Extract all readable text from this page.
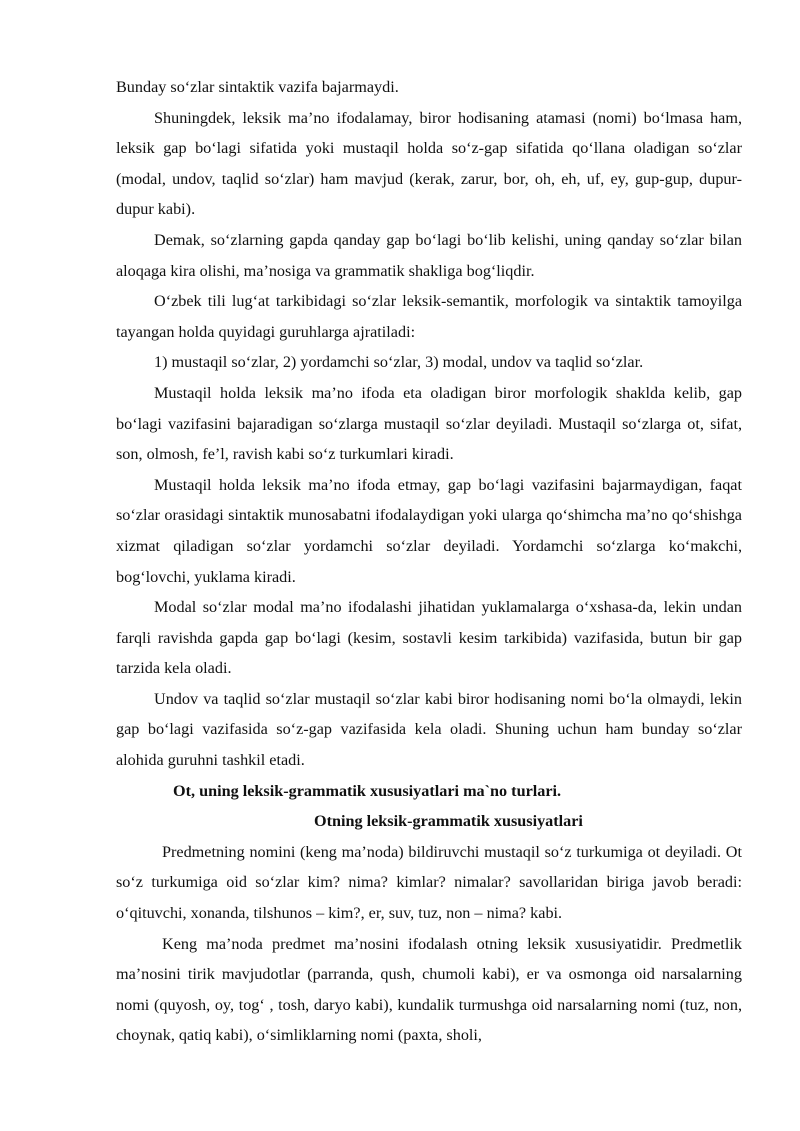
Bunday so‘zlar sintaktik vazifa bajarmaydi.

Shuningdek, leksik ma’no ifodalamay, biror hodisaning atamasi (nomi) bo‘lmasa ham, leksik gap bo‘lagi sifatida yoki mustaqil holda so‘z-gap sifatida qo‘llana oladigan so‘zlar (modal, undov, taqlid so‘zlar) ham mavjud (kerak, zarur, bor, oh, eh, uf, ey, gup-gup, dupur-dupur kabi).

Demak, so‘zlarning gapda qanday gap bo‘lagi bo‘lib kelishi, uning qanday so‘zlar bilan aloqaga kira olishi, ma’nosiga va grammatik shakliga bog‘liqdir.

O‘zbek tili lug‘at tarkibidagi so‘zlar leksik-semantik, morfologik va sintaktik tamoyilga tayangan holda quyidagi guruhlarga ajratiladi:

1) mustaqil so‘zlar, 2) yordamchi so‘zlar, 3) modal, undov va taqlid so‘zlar.

Mustaqil holda leksik ma’no ifoda eta oladigan biror morfologik shaklda kelib, gap bo‘lagi vazifasini bajaradigan so‘zlarga mustaqil so‘zlar deyiladi. Mustaqil so‘zlarga ot, sifat, son, olmosh, fe’l, ravish kabi so‘z turkumlari kiradi.

Mustaqil holda leksik ma’no ifoda etmay, gap bo‘lagi vazifasini bajarmaydigan, faqat so‘zlar orasidagi sintaktik munosabatni ifodalaydigan yoki ularga qo‘shimcha ma’no qo‘shishga xizmat qiladigan so‘zlar yordamchi so‘zlar deyiladi. Yordamchi so‘zlarga ko‘makchi, bog‘lovchi, yuklama kiradi.

Modal so‘zlar modal ma’no ifodalashi jihatidan yuklamalarga o‘xshasa-da, lekin undan farqli ravishda gapda gap bo‘lagi (kesim, sostavli kesim tarkibida) vazifasida, butun bir gap tarzida kela oladi.

Undov va taqlid so‘zlar mustaqil so‘zlar kabi biror hodisaning nomi bo‘la olmaydi, lekin gap bo‘lagi vazifasida so‘z-gap vazifasida kela oladi. Shuning uchun ham bunday so‘zlar alohida guruhni tashkil etadi.

Ot, uning leksik-grammatik xususiyatlari ma`no turlari.

Otning leksik-grammatik xususiyatlari

Predmetning nomini (keng ma’noda) bildiruvchi mustaqil so‘z turkumiga ot deyiladi. Ot so‘z turkumiga oid so‘zlar kim? nima? kimlar? nimalar? savollaridan biriga javob beradi: o‘qituvchi, xonanda, tilshunos – kim?, er, suv, tuz, non – nima? kabi.

Keng ma’noda predmet ma’nosini ifodalash otning leksik xususiyatidir. Predmetlik ma’nosini tirik mavjudotlar (parranda, qush, chumoli kabi), er va osmonga oid narsalarning nomi (quyosh, oy, tog‘ , tosh, daryo kabi), kundalik turmushga oid narsalarning nomi (tuz, non, choynak, qatiq kabi), o‘simliklarning nomi (paxta, sholi,
